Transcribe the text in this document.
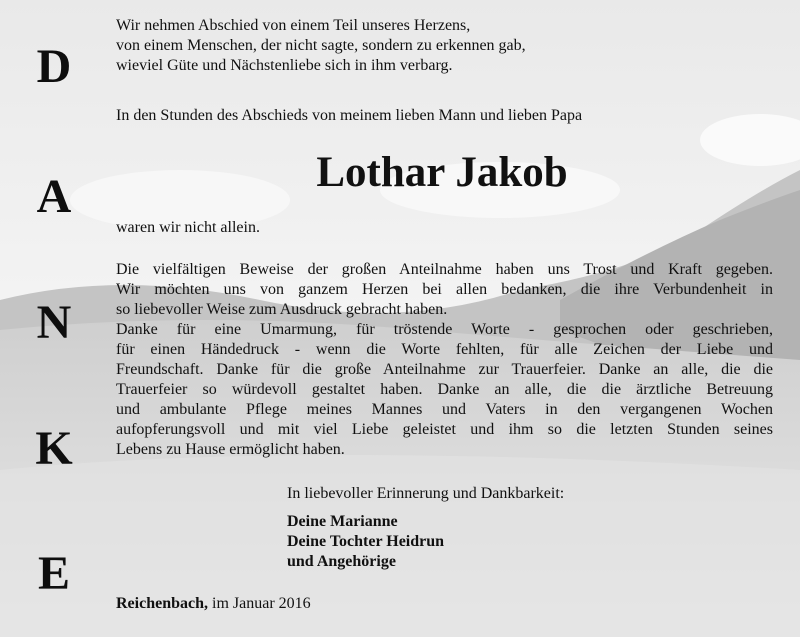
D
A
N
K
E
Wir nehmen Abschied von einem Teil unseres Herzens,
von einem Menschen, der nicht sagte, sondern zu erkennen gab,
wieviel Güte und Nächstenliebe sich in ihm verbarg.
In den Stunden des Abschieds von meinem lieben Mann und lieben Papa
Lothar Jakob
waren wir nicht allein.
Die vielfältigen Beweise der großen Anteilnahme haben uns Trost und Kraft gegeben.
Wir möchten uns von ganzem Herzen bei allen bedanken, die ihre Verbundenheit in
so liebevoller Weise zum Ausdruck gebracht haben.
Danke für eine Umarmung, für tröstende Worte - gesprochen oder geschrieben,
für einen Händedruck - wenn die Worte fehlten, für alle Zeichen der Liebe und
Freundschaft. Danke für die große Anteilnahme zur Trauerfeier. Danke an alle, die die
Trauerfeier so würdevoll gestaltet haben. Danke an alle, die die ärztliche Betreuung
und ambulante Pflege meines Mannes und Vaters in den vergangenen Wochen
aufopferungsvoll und mit viel Liebe geleistet und ihm so die letzten Stunden seines
Lebens zu Hause ermöglicht haben.
In liebevoller Erinnerung und Dankbarkeit:
Deine Marianne
Deine Tochter Heidrun
und Angehörige
Reichenbach, im Januar 2016
